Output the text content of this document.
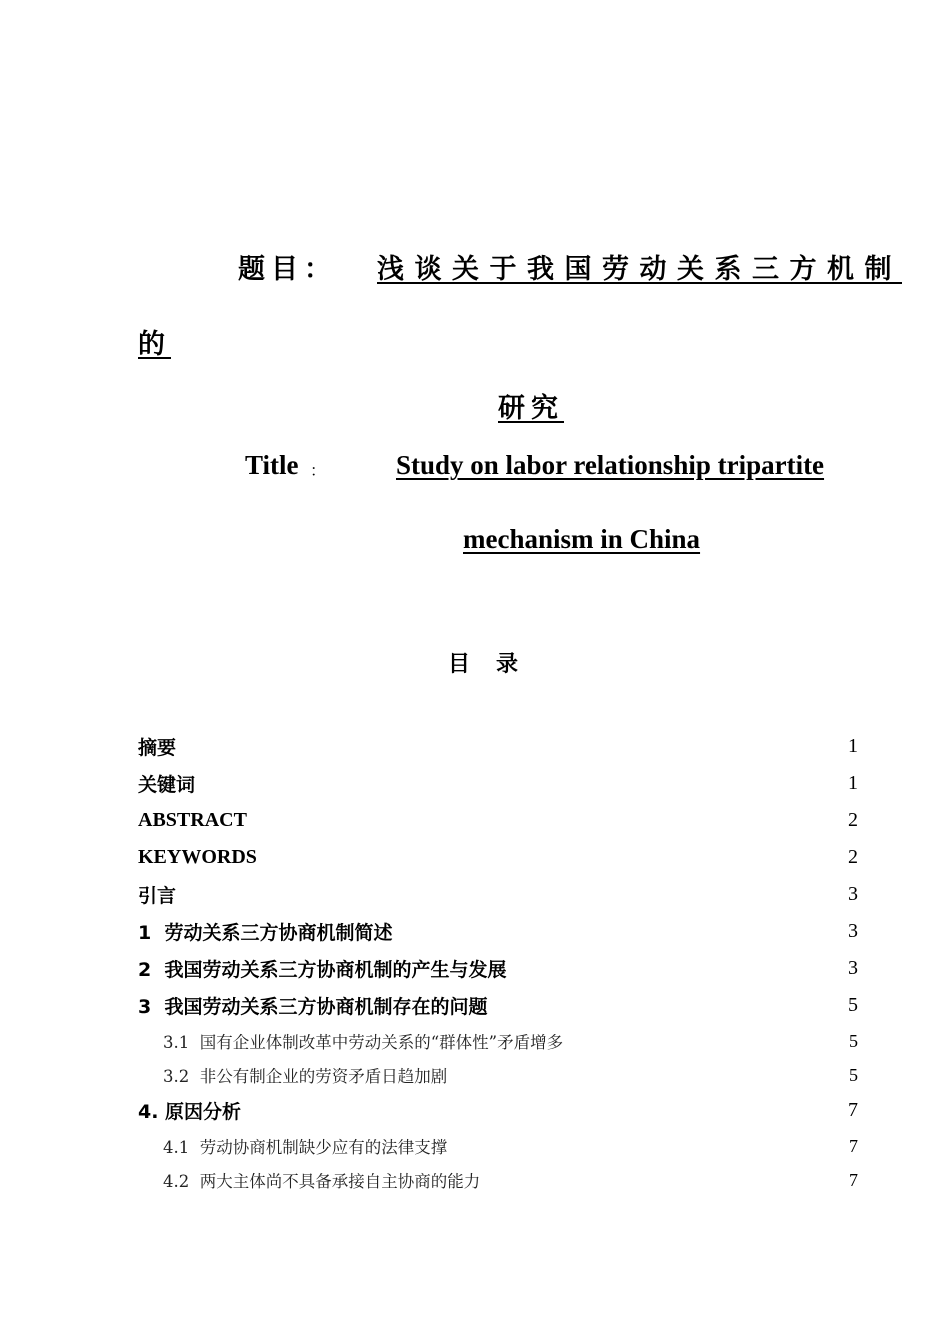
题目： 浅谈关于我国劳动关系三方机制
的
研究
Title ：	Study on labor relationship tripartite
mechanism in China
目　录
摘要	1
关键词	1
ABSTRACT	2
KEYWORDS	2
引言	3
1  劳动关系三方协商机制简述	3
2  我国劳动关系三方协商机制的产生与发展	3
3  我国劳动关系三方协商机制存在的问题	5
3.1  国有企业体制改革中劳动关系的“群体性”矛盾增多	5
3.2  非公有制企业的劳资矛盾日趋加剧	5
4. 原因分析	7
4.1  劳动协商机制缺少应有的法律支撑	7
4.2  两大主体尚不具备承接自主协商的能力	7
